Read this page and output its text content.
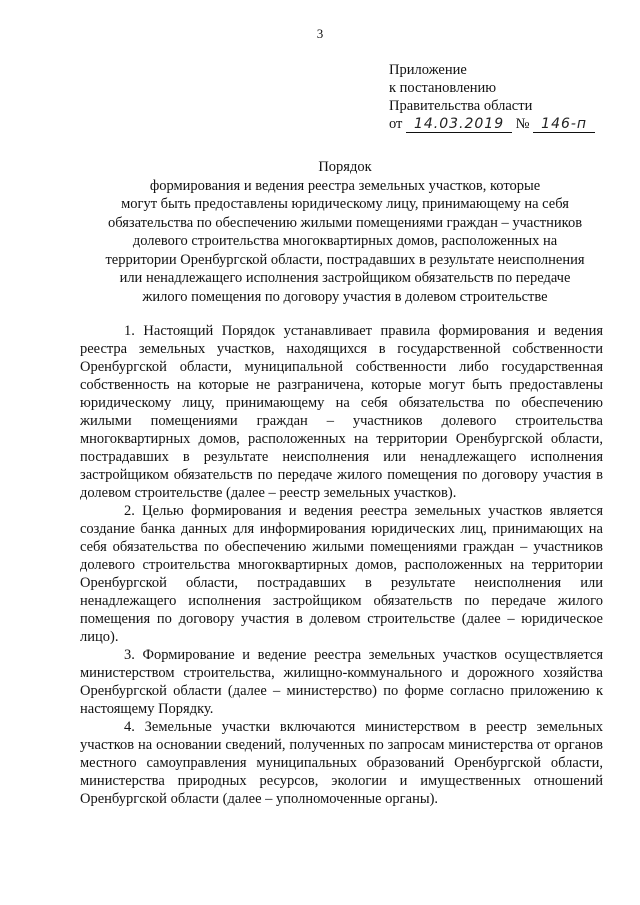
3
Приложение
к постановлению
Правительства области
от 14.03.2019 № 146-п
Порядок
формирования и ведения реестра земельных участков, которые
могут быть предоставлены юридическому лицу, принимающему на себя
обязательства по обеспечению жилыми помещениями граждан – участников
долевого строительства многоквартирных домов, расположенных на
территории Оренбургской области, пострадавших в результате неисполнения
или ненадлежащего исполнения застройщиком обязательств по передаче
жилого помещения по договору участия в долевом строительстве

1. Настоящий Порядок устанавливает правила формирования и ведения реестра земельных участков, находящихся в государственной собственности Оренбургской области, муниципальной собственности либо государственная собственность на которые не разграничена, которые могут быть предоставлены юридическому лицу, принимающему на себя обязательства по обеспечению жилыми помещениями граждан – участников долевого строительства многоквартирных домов, расположенных на территории Оренбургской области, пострадавших в результате неисполнения или ненадлежащего исполнения застройщиком обязательств по передаче жилого помещения по договору участия в долевом строительстве (далее – реестр земельных участков).

2. Целью формирования и ведения реестра земельных участков является создание банка данных для информирования юридических лиц, принимающих на себя обязательства по обеспечению жилыми помещениями граждан – участников долевого строительства многоквартирных домов, расположенных на территории Оренбургской области, пострадавших в результате неисполнения или ненадлежащего исполнения застройщиком обязательств по передаче жилого помещения по договору участия в долевом строительстве (далее – юридическое лицо).

3. Формирование и ведение реестра земельных участков осуществляется министерством строительства, жилищно-коммунального и дорожного хозяйства Оренбургской области (далее – министерство) по форме согласно приложению к настоящему Порядку.

4. Земельные участки включаются министерством в реестр земельных участков на основании сведений, полученных по запросам министерства от органов местного самоуправления муниципальных образований Оренбургской области, министерства природных ресурсов, экологии и имущественных отношений Оренбургской области (далее – уполномоченные органы).
